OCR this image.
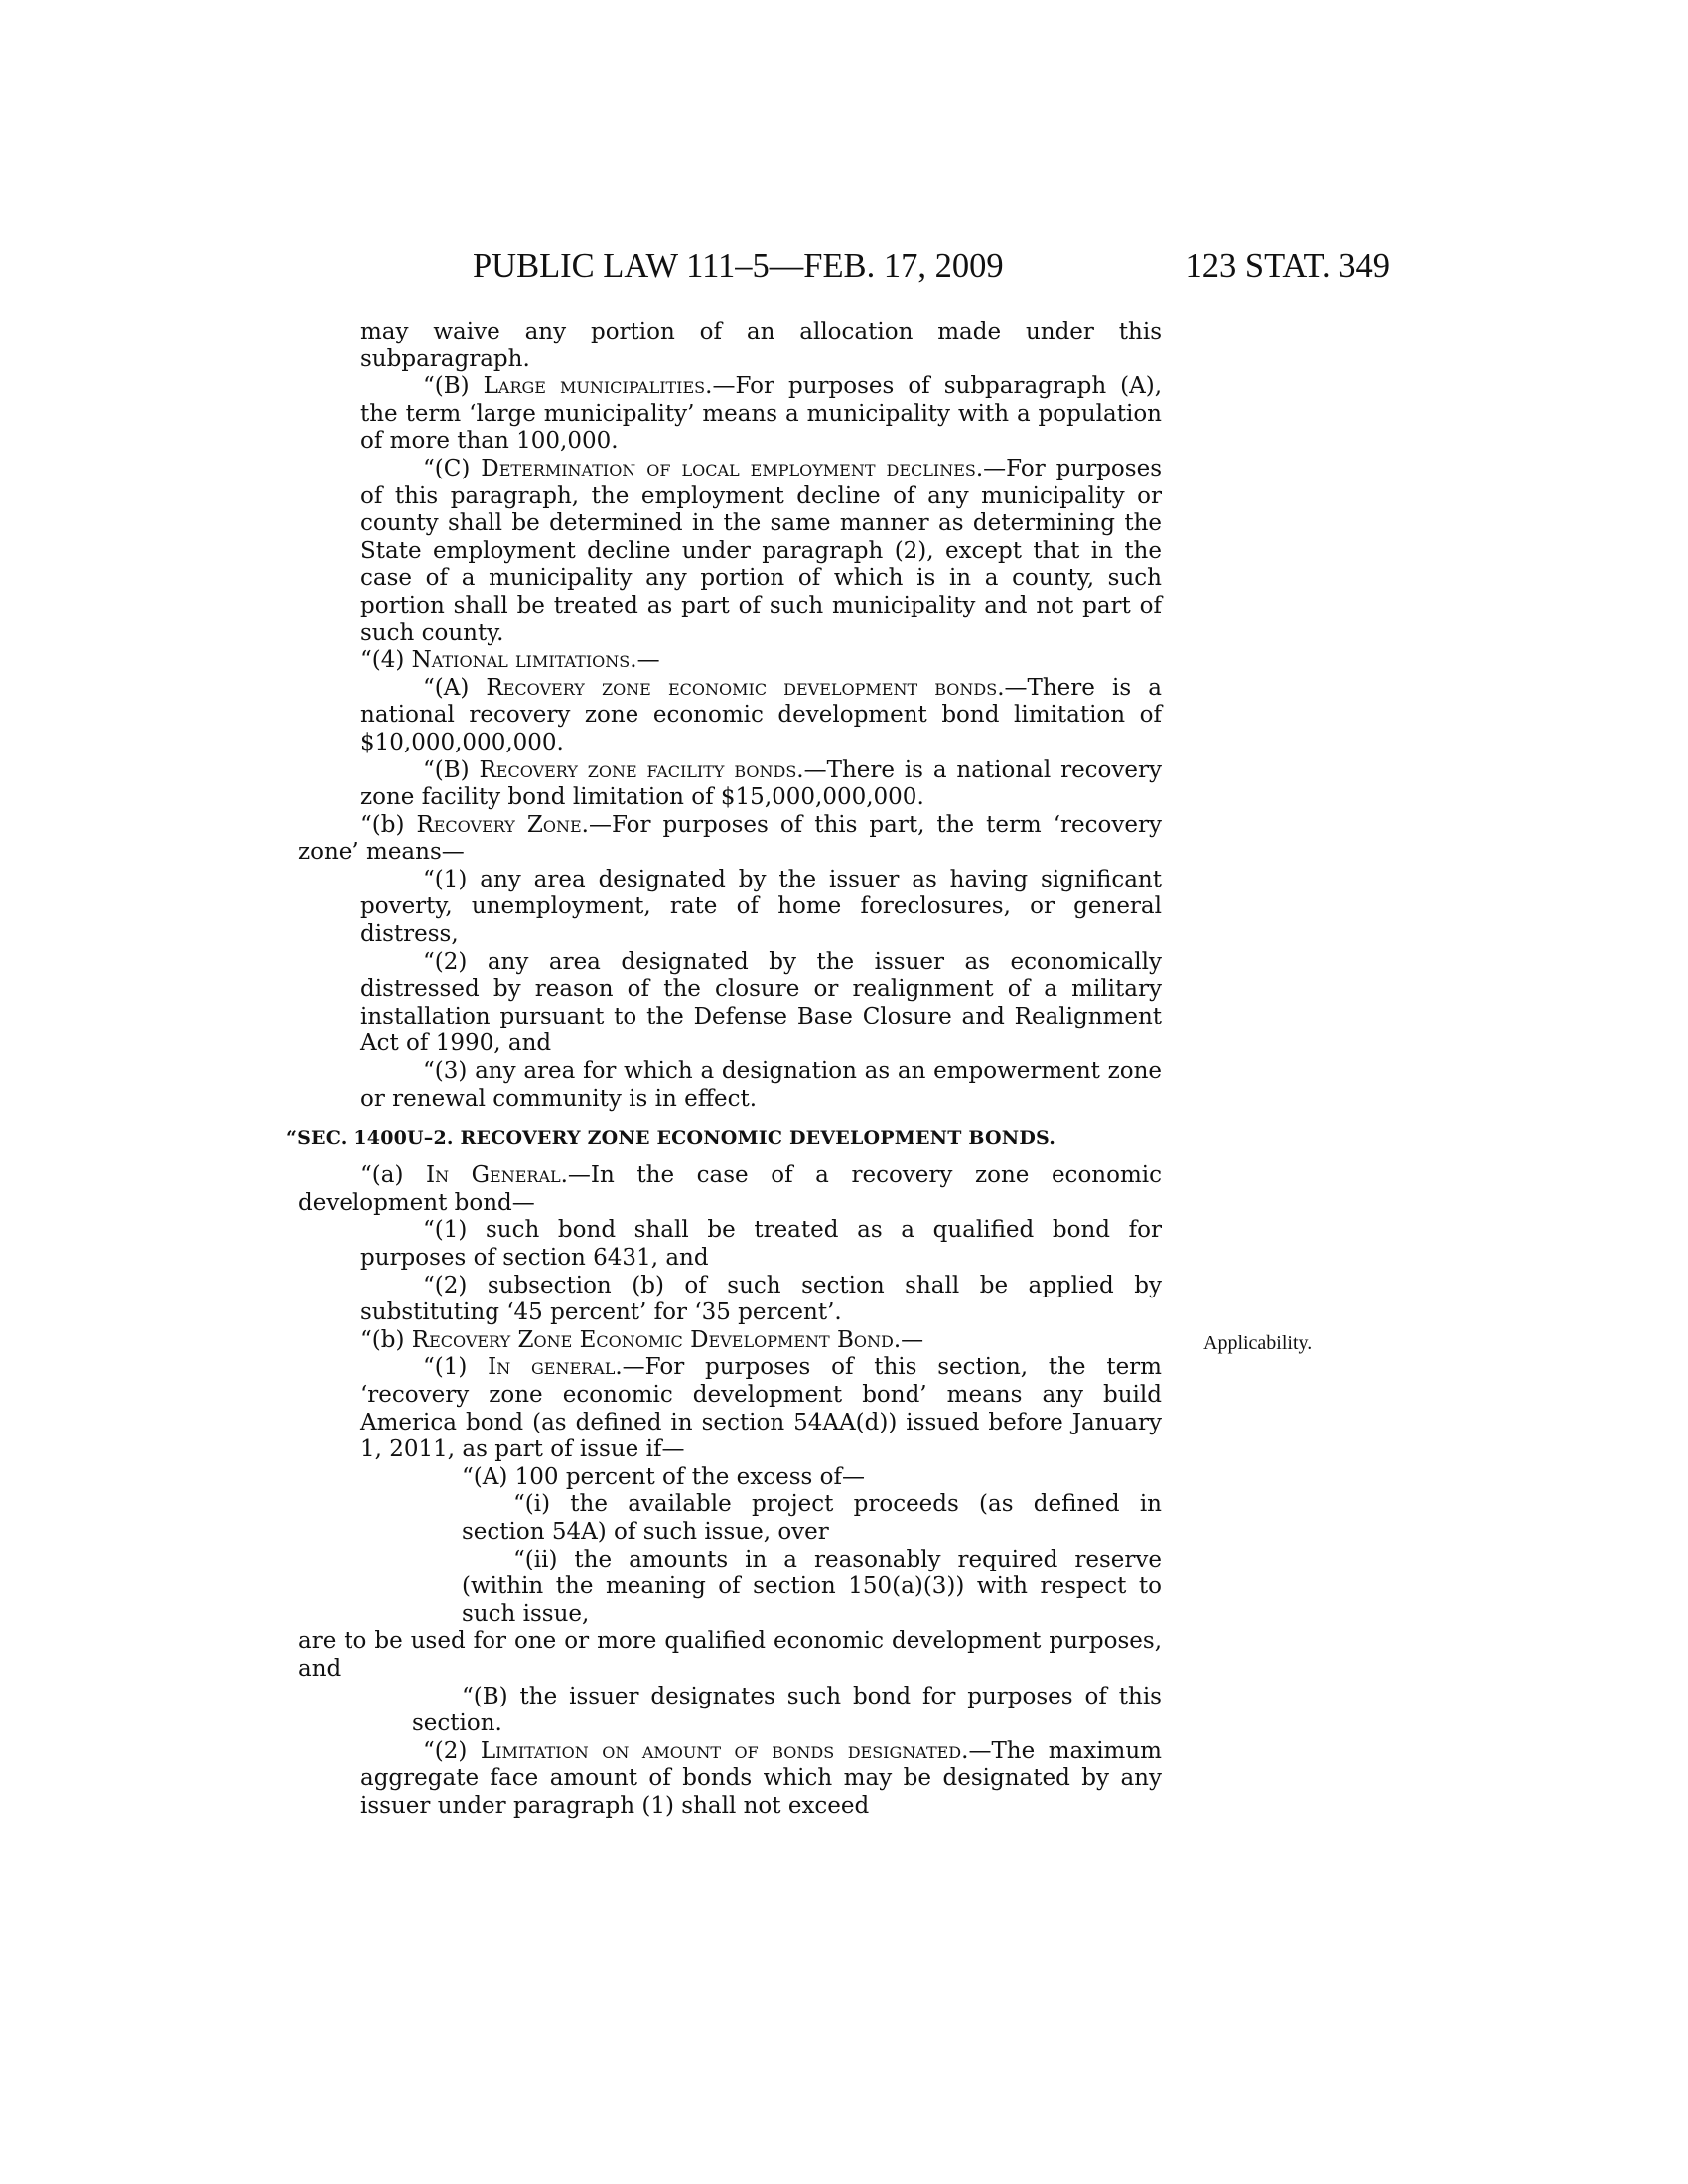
PUBLIC LAW 111–5—FEB. 17, 2009	123 STAT. 349

may waive any portion of an allocation made under this subparagraph.

“(B) Large municipalities.—For purposes of subparagraph (A), the term ‘large municipality’ means a municipality with a population of more than 100,000.

“(C) Determination of local employment declines.—For purposes of this paragraph, the employment decline of any municipality or county shall be determined in the same manner as determining the State employment decline under paragraph (2), except that in the case of a municipality any portion of which is in a county, such portion shall be treated as part of such municipality and not part of such county.

“(4) National limitations.—

“(A) Recovery zone economic development bonds.—There is a national recovery zone economic development bond limitation of $10,000,000,000.

“(B) Recovery zone facility bonds.—There is a national recovery zone facility bond limitation of $15,000,000,000.

“(b) Recovery Zone.—For purposes of this part, the term ‘recovery zone’ means—

“(1) any area designated by the issuer as having significant poverty, unemployment, rate of home foreclosures, or general distress,

“(2) any area designated by the issuer as economically distressed by reason of the closure or realignment of a military installation pursuant to the Defense Base Closure and Realignment Act of 1990, and

“(3) any area for which a designation as an empowerment zone or renewal community is in effect.

“SEC. 1400U–2. RECOVERY ZONE ECONOMIC DEVELOPMENT BONDS.

“(a) In General.—In the case of a recovery zone economic development bond—

“(1) such bond shall be treated as a qualified bond for purposes of section 6431, and

“(2) subsection (b) of such section shall be applied by substituting ‘45 percent’ for ‘35 percent’.

“(b) Recovery Zone Economic Development Bond.—

“(1) In general.—For purposes of this section, the term ‘recovery zone economic development bond’ means any build America bond (as defined in section 54AA(d)) issued before January 1, 2011, as part of issue if—

“(A) 100 percent of the excess of—

“(i) the available project proceeds (as defined in section 54A) of such issue, over

“(ii) the amounts in a reasonably required reserve (within the meaning of section 150(a)(3)) with respect to such issue,

are to be used for one or more qualified economic development purposes, and

“(B) the issuer designates such bond for purposes of this section.

“(2) Limitation on amount of bonds designated.—The maximum aggregate face amount of bonds which may be designated by any issuer under paragraph (1) shall not exceed

Applicability.
